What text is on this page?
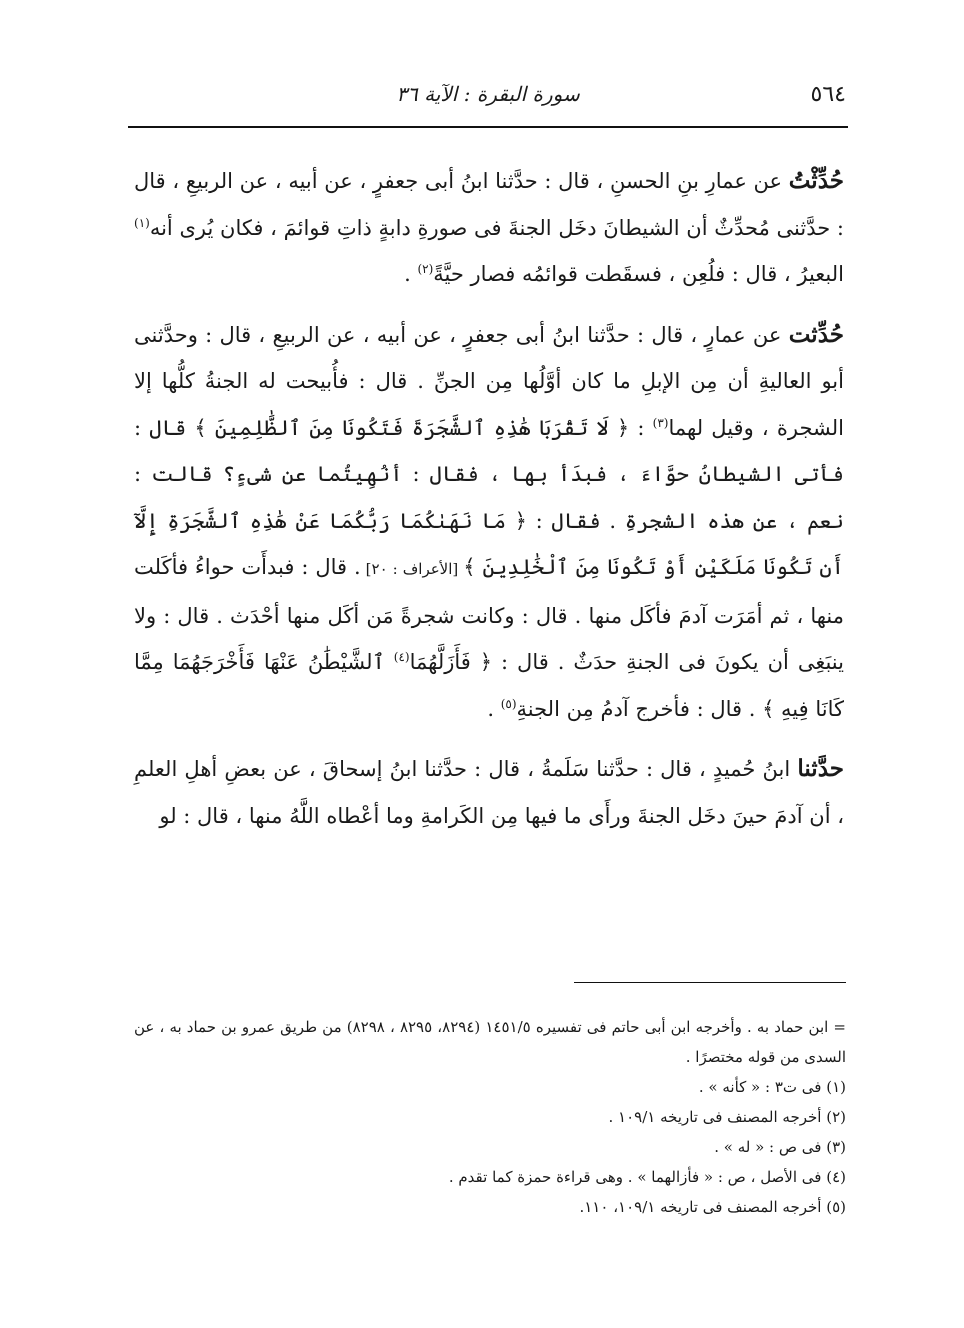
٥٦٤
سورة البقرة : الآية ٣٦

حُدِّثْتُ عن عمارِ بنِ الحسنِ ، قال : حدَّثنا ابنُ أبى جعفرٍ ، عن أبيه ، عن الربيعِ ، قال : حدَّثنى مُحدِّثٌ أن الشيطانَ دخَل الجنةَ فى صورةِ دابةٍ ذاتِ قوائمَ ، فكان يُرى أنه$^{(١)}$ البعيرُ ، قال : فلُعِن ، فسقَطت قوائمُه فصار حيَّةً$^{(٢)}$ .

حُدِّثت عن عمارٍ ، قال : حدَّثنا ابنُ أبى جعفرٍ ، عن أبيه ، عن الربيعِ ، قال : وحدَّثنى أبو العاليةِ أن مِن الإبلِ ما كان أوَّلُها مِن الجنِّ . قال : فأُبيحت له الجنةُ كلُّها إلا الشجرة ، وقيل لهما$^{(٣)}$ : ﴿ لَا تَقْرَبَا هَٰذِهِ ٱلشَّجَرَةَ فَتَكُونَا مِنَ ٱلظَّٰلِمِينَ ﴾ قال : فأتى الشيطانُ حوَّاءَ ، فبدَأ بها ، فقال : أنُهِيتُما عن شىءٍ؟ قالت : نعم ، عن هذه الشجرةِ . فقال : ﴿ مَا نَهَىٰكُمَا رَبُّكُمَا عَنْ هَٰذِهِ ٱلشَّجَرَةِ إِلَّآ أَن تَكُونَا مَلَكَيْنِ أَوْ تَكُونَا مِنَ ٱلْخَٰلِدِينَ ﴾ [الأعراف : ٢٠] . قال : فبدأَت حواءُ فأكَلت منها ، ثم أمَرَت آدمَ فأكَل منها . قال : وكانت شجرةً مَن أكَل منها أحْدَث . قال : ولا ينبَغِى أن يكونَ فى الجنةِ حدَثٌ . قال : ﴿ فَأَزَلَّهُمَا$^{(٤)}$ ٱلشَّيْطَٰنُ عَنْهَا فَأَخْرَجَهُمَا مِمَّا كَانَا فِيهِ ﴾ . قال : فأخرج آدمُ مِن الجنةِ$^{(٥)}$ .

حدَّثنا ابنُ حُميدٍ ، قال : حدَّثنا سَلَمةُ ، قال : حدَّثنا ابنُ إسحاقَ ، عن بعضِ أهلِ العلمِ ، أن آدمَ حينَ دخَل الجنةَ ورأَى ما فيها مِن الكَرامةِ وما أعْطاه اللَّهُ منها ، قال : لو

= ابن حماد به . وأخرجه ابن أبى حاتم فى تفسيره ١٤٥١/٥ (٨٢٩٤، ٨٢٩٥ ، ٨٢٩٨) من طريق عمرو بن حماد به ، عن السدى من قوله مختصرًا .

(١) فى ت٣ : « كأنه » .

(٢) أخرجه المصنف فى تاريخه ١٠٩/١ .

(٣) فى ص : « له » .

(٤) فى الأصل ، ص : « فأزالهما » . وهى قراءة حمزة كما تقدم .

(٥) أخرجه المصنف فى تاريخه ١٠٩/١، ١١٠.
